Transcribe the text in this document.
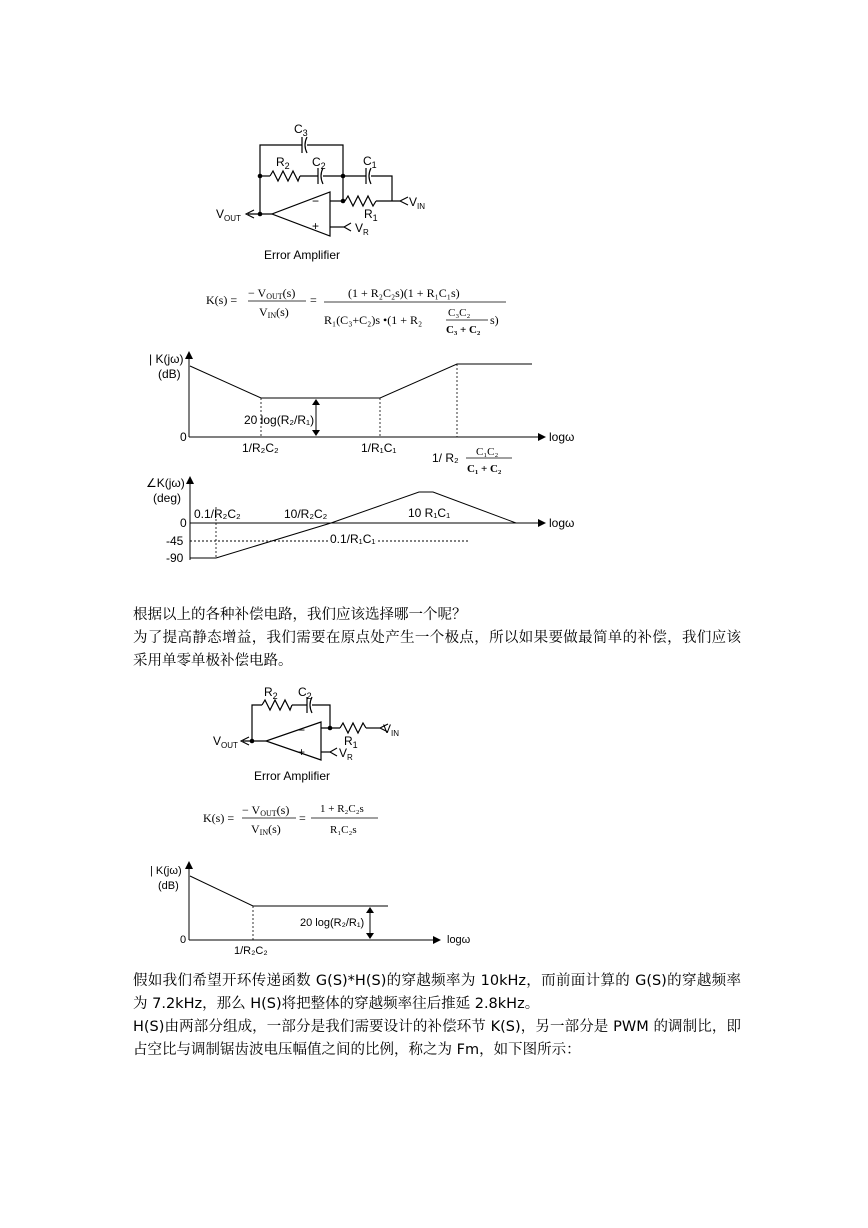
$C_3$
$R_2$ $C_2$	$C_1$
$R_1$
$V_{OUT}$
$V_{IN}$
$V_R$
−
+
Error Amplifier
K(s) = − VOUT(s)
VIN(s)
=	(1 + R₂C₂s)(1 + R₁C₁s)
R₁(C₃+C₂)s •(1 + R₂ C₃C₂
C₃ + C₂
s)
| K(jω)
(dB)
0
20 log(R₂/R₁)
1/R₂C₂	1/R₁C₁
logω
1/ R₂ C₁C₂
C₁ + C₂
∠K(jω)
(deg)
0
-45
-90
0.1/R₂C₂	10/R₂C₂	10 R₁C₁
0.1/R₁C₁
logω
$R_2$ $C_2$
$R_1$
$V_{OUT}$
$V_{IN}$
$V_R$
−
+
Error Amplifier
K(s) =
− VOUT(s)
VIN(s)
=
1 + R₂C₂s
R₁C₂s
| K(jω)
(dB)
0
20 log(R₂/R₁)
1/R₂C₂
logω

根据以上的各种补偿电路，我们应该选择哪一个呢？

为了提高静态增益，我们需要在原点处产生一个极点，所以如果要做最简单的补偿，我们应该采用单零单极补偿电路。

假如我们希望开环传递函数 G(S)*H(S)的穿越频率为 10kHz，而前面计算的 G(S)的穿越频率为 7.2kHz，那么 H(S)将把整体的穿越频率往后推延 2.8kHz。

H(S)由两部分组成，一部分是我们需要设计的补偿环节 K(S)，另一部分是 PWM 的调制比，即占空比与调制锯齿波电压幅值之间的比例，称之为 Fm，如下图所示：
